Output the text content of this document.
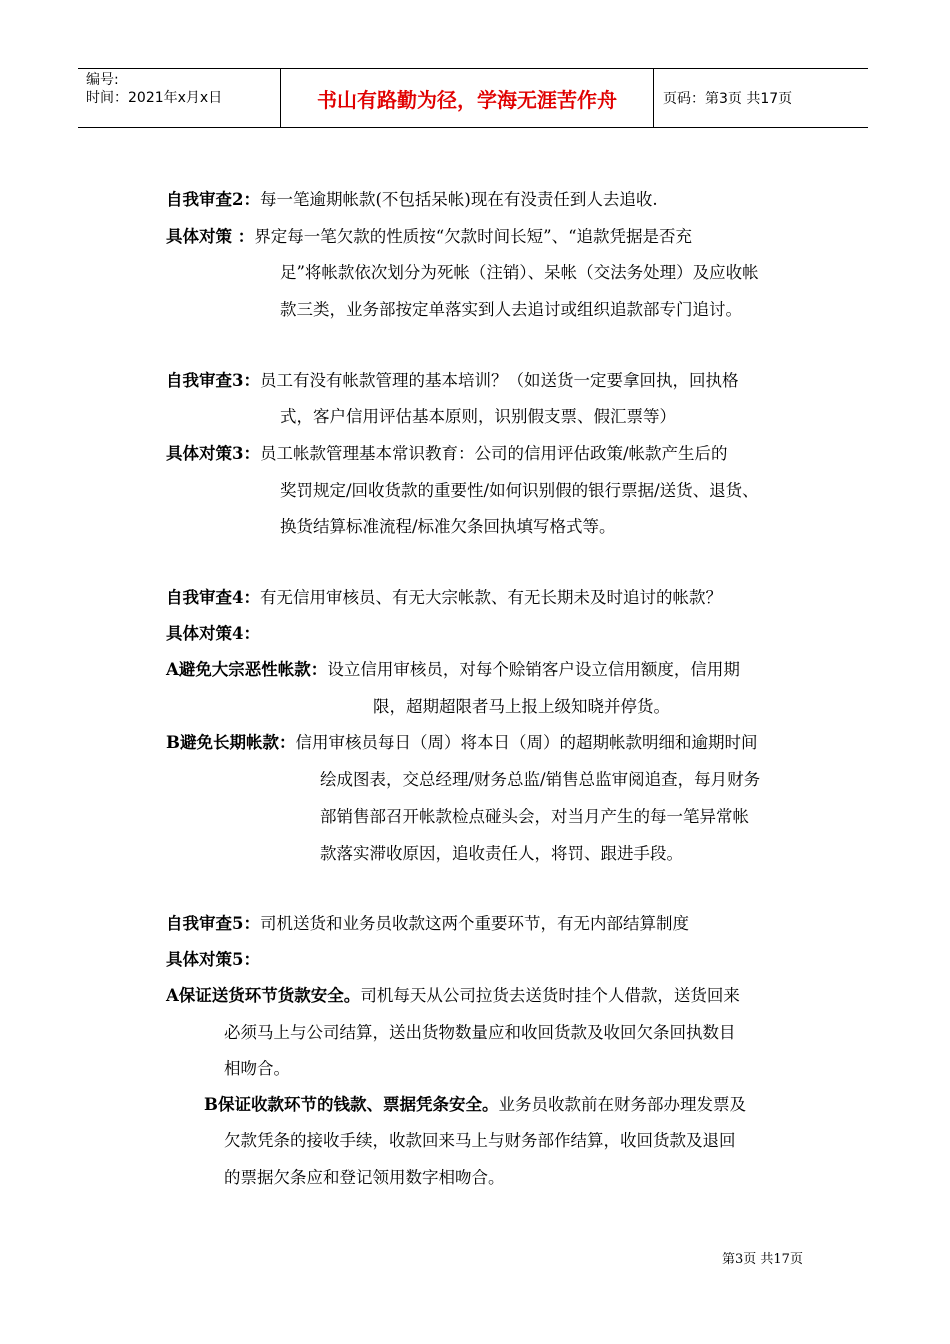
编号:
时间：2021年x月x日	书山有路勤为径，学海无涯苦作舟	页码：第3页 共17页
自我审查2：每一笔逾期帐款(不包括呆帐)现在有没责任到人去追收.
具体对策 ：界定每一笔欠款的性质按“欠款时间长短”、“追款凭据是否充
足”将帐款依次划分为死帐（注销）、呆帐（交法务处理）及应收帐
款三类，业务部按定单落实到人去追讨或组织追款部专门追讨。
自我审查3：员工有没有帐款管理的基本培训？（如送货一定要拿回执，回执格
式，客户信用评估基本原则，识别假支票、假汇票等）
具体对策3：员工帐款管理基本常识教育：公司的信用评估政策/帐款产生后的
奖罚规定/回收货款的重要性/如何识别假的银行票据/送货、退货、
换货结算标准流程/标准欠条回执填写格式等。
自我审查4：有无信用审核员、有无大宗帐款、有无长期未及时追讨的帐款？
具体对策4：
A避免大宗恶性帐款：设立信用审核员，对每个赊销客户设立信用额度，信用期
限，超期超限者马上报上级知晓并停货。
B避免长期帐款：信用审核员每日（周）将本日（周）的超期帐款明细和逾期时间
绘成图表，交总经理/财务总监/销售总监审阅追查，每月财务
部销售部召开帐款检点碰头会，对当月产生的每一笔异常帐
款落实滞收原因，追收责任人，将罚、跟进手段。
自我审查5：司机送货和业务员收款这两个重要环节，有无内部结算制度
具体对策5：
A保证送货环节货款安全。司机每天从公司拉货去送货时挂个人借款，送货回来
必须马上与公司结算，送出货物数量应和收回货款及收回欠条回执数目
相吻合。
B保证收款环节的钱款、票据凭条安全。业务员收款前在财务部办理发票及
欠款凭条的接收手续，收款回来马上与财务部作结算，收回货款及退回
的票据欠条应和登记领用数字相吻合。
第3页 共17页
